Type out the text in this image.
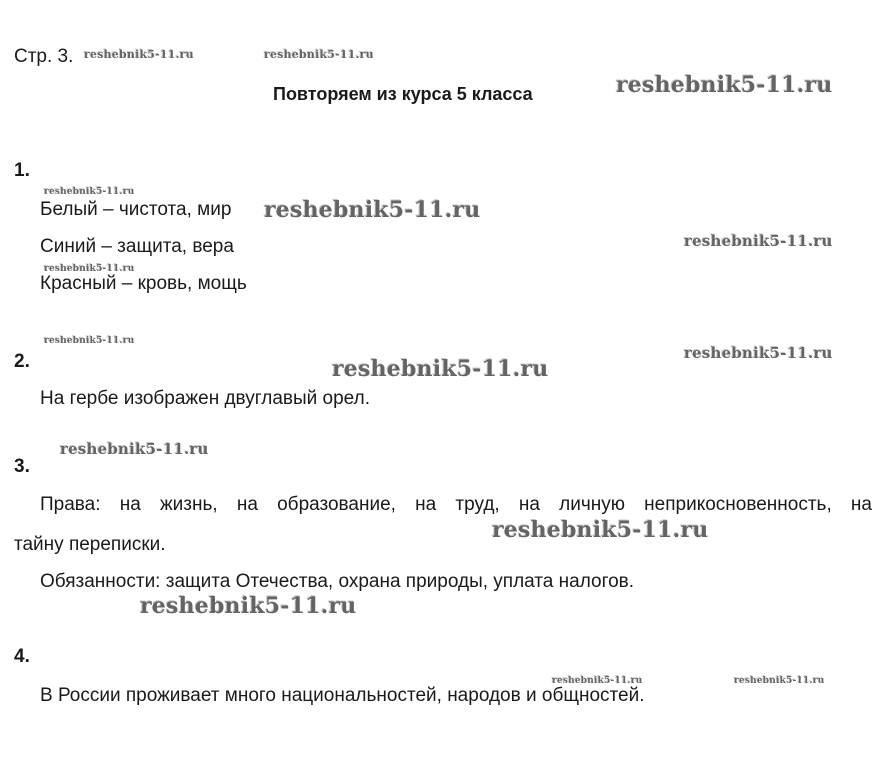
Стр. 3.
Повторяем из курса 5 класса
1.
Белый – чистота, мир
Синий – защита, вера
Красный – кровь, мощь
2.
На гербе изображен двуглавый орел.
3.
Права: на жизнь, на образование, на труд, на личную неприкосновенность, на
тайну переписки.
Обязанности: защита Отечества, охрана природы, уплата налогов.
4.
В России проживает много национальностей, народов и общностей.
reshebnik5-11.ru	reshebnik5-11.ru
reshebnik5-11.ru
reshebnik5-11.ru
reshebnik5-11.ru
reshebnik5-11.ru
reshebnik5-11.ru
reshebnik5-11.ru
reshebnik5-11.ru
reshebnik5-11.ru
reshebnik5-11.ru
reshebnik5-11.ru
reshebnik5-11.ru
reshebnik5-11.ru	reshebnik5-11.ru
